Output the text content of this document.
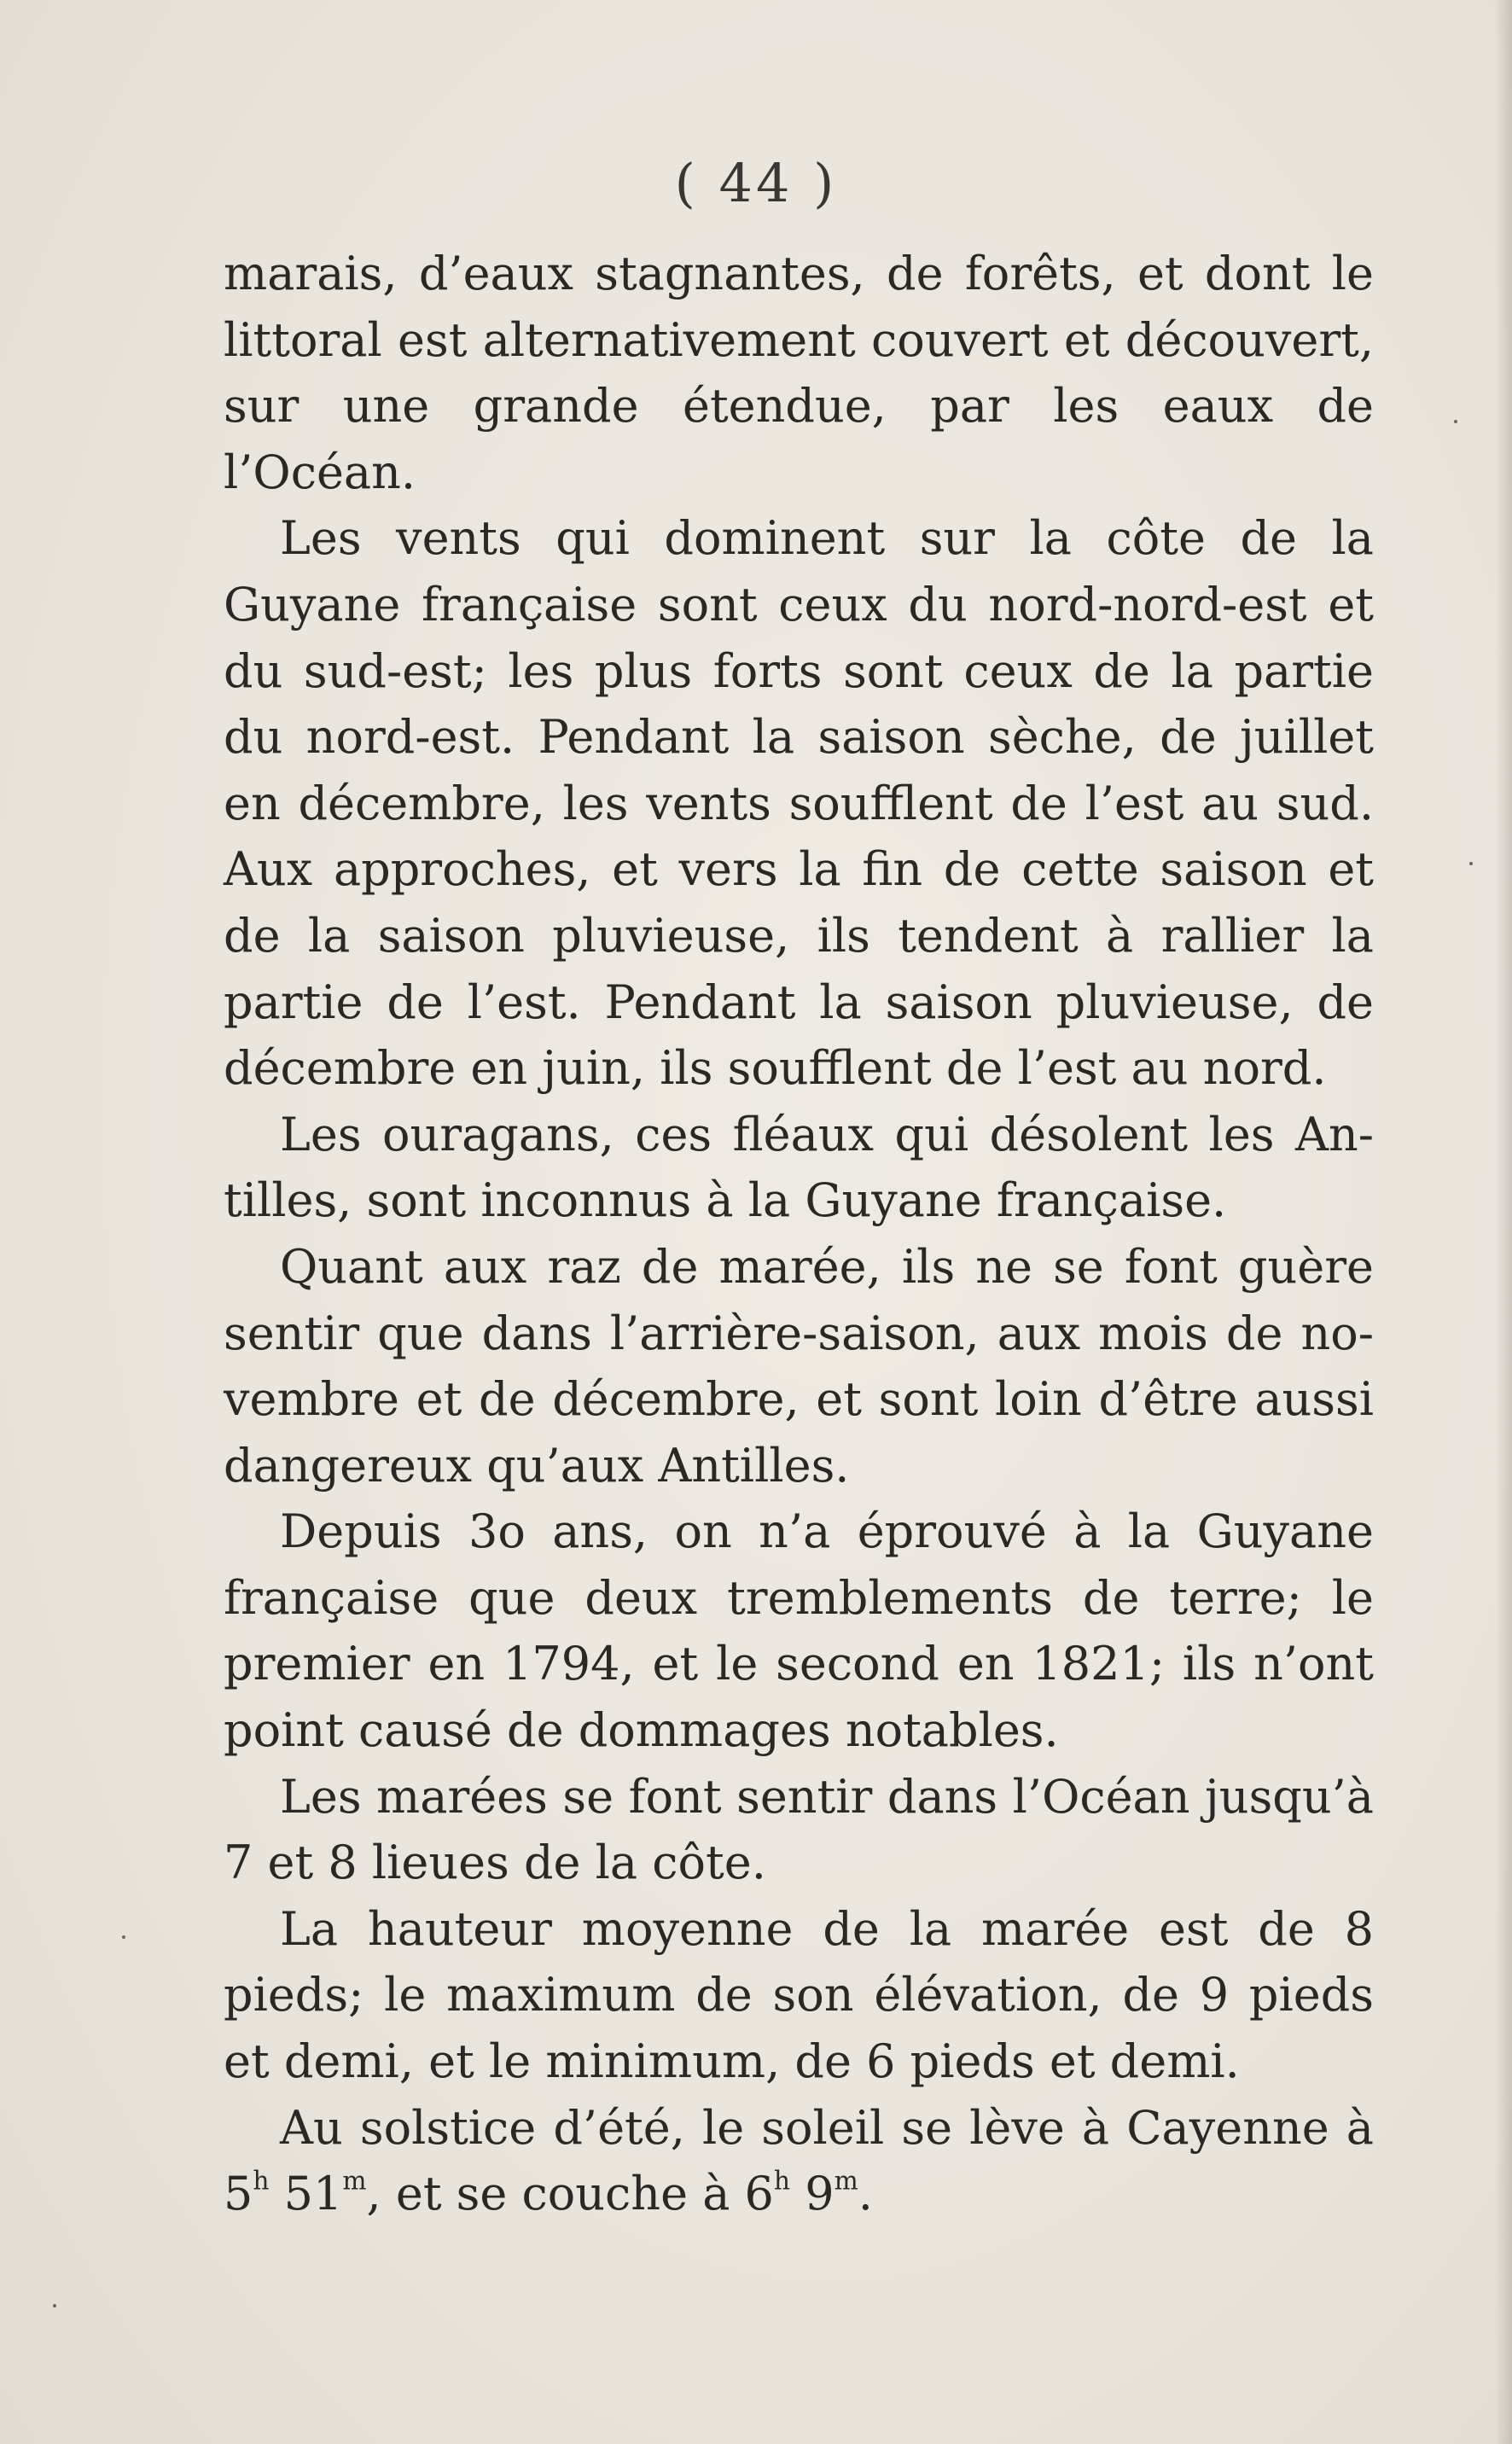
( 44 )

marais, d’eaux stagnantes, de forêts, et dont le littoral est alternativement couvert et découvert, sur une grande étendue, par les eaux de l’Océan.

Les vents qui dominent sur la côte de la Guyane française sont ceux du nord-nord-est et du sud-est; les plus forts sont ceux de la partie du nord-est. Pendant la saison sèche, de juillet en décembre, les vents soufflent de l’est au sud. Aux approches, et vers la fin de cette saison et de la saison pluvieuse, ils tendent à rallier la partie de l’est. Pendant la saison pluvieuse, de décembre en juin, ils soufflent de l’est au nord.

Les ouragans, ces fléaux qui désolent les Antilles, sont inconnus à la Guyane française.

Quant aux raz de marée, ils ne se font guère sentir que dans l’arrière-saison, aux mois de novembre et de décembre, et sont loin d’être aussi dangereux qu’aux Antilles.

Depuis 3o ans, on n’a éprouvé à la Guyane française que deux tremblements de terre; le premier en 1794, et le second en 1821; ils n’ont point causé de dommages notables.

Les marées se font sentir dans l’Océan jusqu’à 7 et 8 lieues de la côte.

La hauteur moyenne de la marée est de 8 pieds; le maximum de son élévation, de 9 pieds et demi, et le minimum, de 6 pieds et demi.

Au solstice d’été, le soleil se lève à Cayenne à 5$^h$ 51$^m$, et se couche à 6$^h$ 9$^m$.
